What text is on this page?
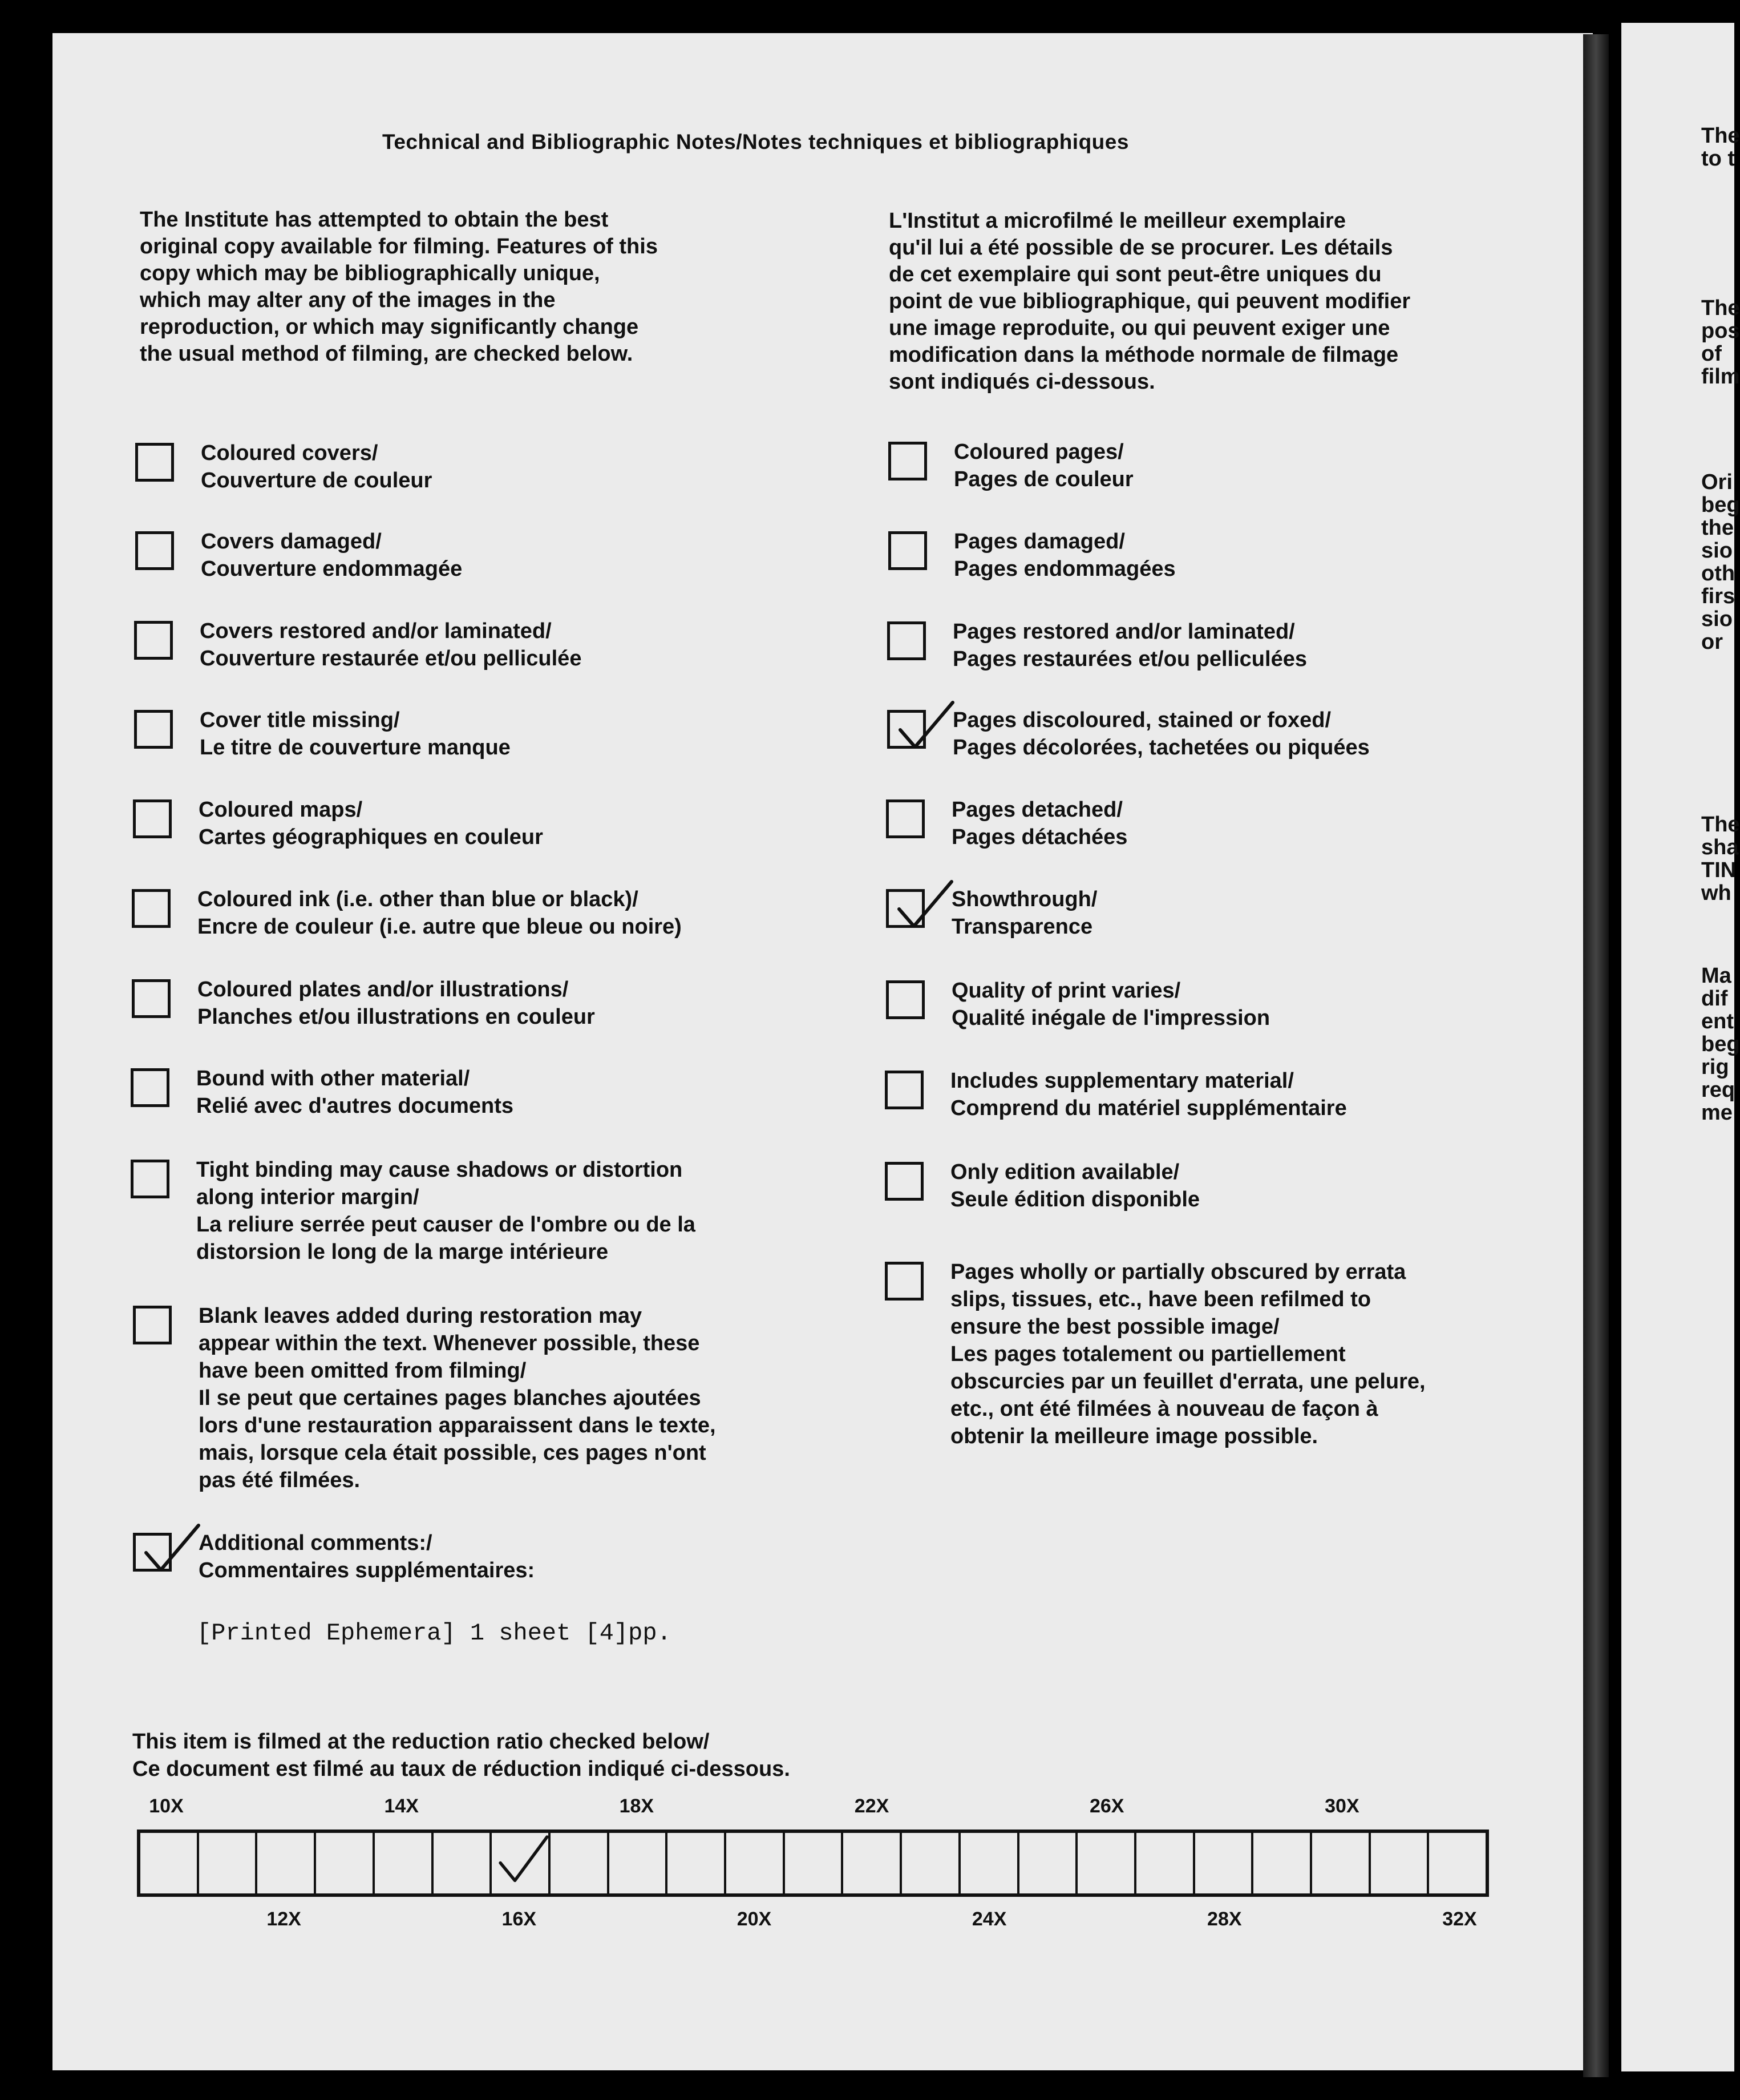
Technical and Bibliographic Notes/Notes techniques et bibliographiques
The Institute has attempted to obtain the best
original copy available for filming. Features of this
copy which may be bibliographically unique,
which may alter any of the images in the
reproduction, or which may significantly change
the usual method of filming, are checked below.
L'Institut a microfilmé le meilleur exemplaire
qu'il lui a été possible de se procurer. Les détails
de cet exemplaire qui sont peut-être uniques du
point de vue bibliographique, qui peuvent modifier
une image reproduite, ou qui peuvent exiger une
modification dans la méthode normale de filmage
sont indiqués ci-dessous.
Coloured covers/
Couverture de couleur
Covers damaged/
Couverture endommagée
Covers restored and/or laminated/
Couverture restaurée et/ou pelliculée
Cover title missing/
Le titre de couverture manque
Coloured maps/
Cartes géographiques en couleur
Coloured ink (i.e. other than blue or black)/
Encre de couleur (i.e. autre que bleue ou noire)
Coloured plates and/or illustrations/
Planches et/ou illustrations en couleur
Bound with other material/
Relié avec d'autres documents
Tight binding may cause shadows or distortion
along interior margin/
La reliure serrée peut causer de l'ombre ou de la
distorsion le long de la marge intérieure
Blank leaves added during restoration may
appear within the text. Whenever possible, these
have been omitted from filming/
Il se peut que certaines pages blanches ajoutées
lors d'une restauration apparaissent dans le texte,
mais, lorsque cela était possible, ces pages n'ont
pas été filmées.
Additional comments:/
Commentaires supplémentaires:
Coloured pages/
Pages de couleur
Pages damaged/
Pages endommagées
Pages restored and/or laminated/
Pages restaurées et/ou pelliculées
Pages discoloured, stained or foxed/
Pages décolorées, tachetées ou piquées
Pages detached/
Pages détachées
Showthrough/
Transparence
Quality of print varies/
Qualité inégale de l'impression
Includes supplementary material/
Comprend du matériel supplémentaire
Only edition available/
Seule édition disponible
Pages wholly or partially obscured by errata
slips, tissues, etc., have been refilmed to
ensure the best possible image/
Les pages totalement ou partiellement
obscurcies par un feuillet d'errata, une pelure,
etc., ont été filmées à nouveau de façon à
obtenir la meilleure image possible.
[Printed Ephemera] 1 sheet [4]pp.
This item is filmed at the reduction ratio checked below/
Ce document est filmé au taux de réduction indiqué ci-dessous.
10X	14X	18X	22X	26X	30X
12X	16X	20X	24X	28X	32X
The
to t
The
pos
of
film
Ori
beg
the
sio
oth
firs
sio
or
The
sha
TIN
wh
Ma
dif
ent
beg
rig
req
me
